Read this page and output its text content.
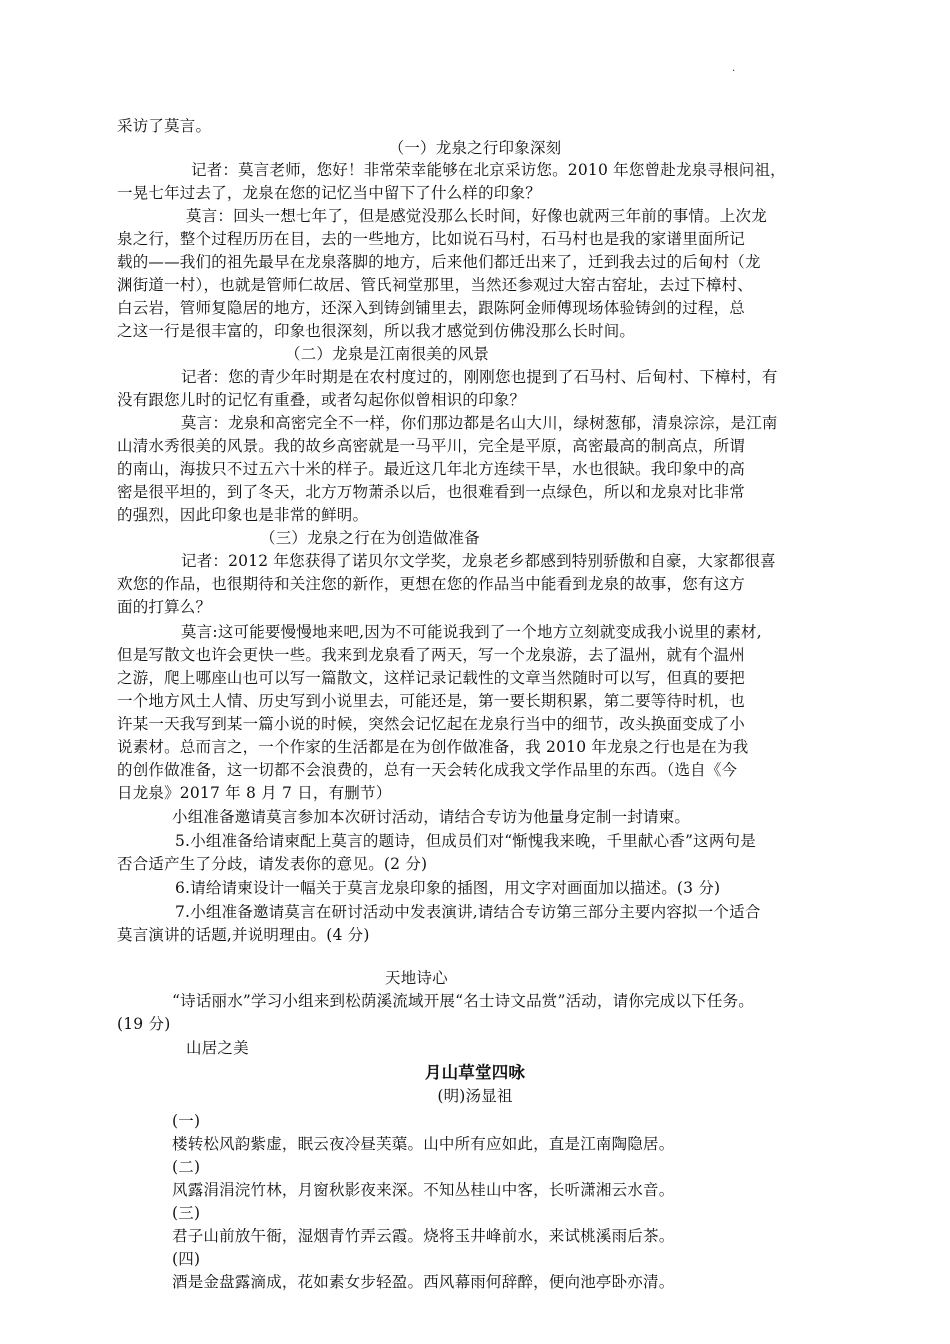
·
采访了莫言。
（一）龙泉之行印象深刻
记者：莫言老师，您好！非常荣幸能够在北京采访您。2010 年您曾赴龙泉寻根问祖，
一晃七年过去了，龙泉在您的记忆当中留下了什么样的印象？
莫言：回头一想七年了，但是感觉没那么长时间，好像也就两三年前的事情。上次龙
泉之行，整个过程历历在目，去的一些地方，比如说石马村，石马村也是我的家谱里面所记
载的——我们的祖先最早在龙泉落脚的地方，后来他们都迁出来了，迁到我去过的后甸村（龙
渊街道一村），也就是管师仁故居、管氏祠堂那里，当然还参观过大窑古窑址，去过下樟村、
白云岩，管师复隐居的地方，还深入到铸剑铺里去，跟陈阿金师傅现场体验铸剑的过程，总
之这一行是很丰富的，印象也很深刻，所以我才感觉到仿佛没那么长时间。
（二）龙泉是江南很美的风景
记者：您的青少年时期是在农村度过的，刚刚您也提到了石马村、后甸村、下樟村，有
没有跟您儿时的记忆有重叠，或者勾起你似曾相识的印象？
莫言：龙泉和高密完全不一样，你们那边都是名山大川，绿树葱郁，清泉淙淙，是江南
山清水秀很美的风景。我的故乡高密就是一马平川，完全是平原，高密最高的制高点，所谓
的南山，海拔只不过五六十米的样子。最近这几年北方连续干旱，水也很缺。我印象中的高
密是很平坦的，到了冬天，北方万物萧杀以后，也很难看到一点绿色，所以和龙泉对比非常
的强烈，因此印象也是非常的鲜明。
（三）龙泉之行在为创造做准备
记者：2012 年您获得了诺贝尔文学奖，龙泉老乡都感到特别骄傲和自豪，大家都很喜
欢您的作品，也很期待和关注您的新作，更想在您的作品当中能看到龙泉的故事，您有这方
面的打算么？
莫言:这可能要慢慢地来吧,因为不可能说我到了一个地方立刻就变成我小说里的素材,
但是写散文也许会更快一些。我来到龙泉看了两天，写一个龙泉游，去了温州，就有个温州
之游，爬上哪座山也可以写一篇散文，这样记录记载性的文章当然随时可以写，但真的要把
一个地方风土人情、历史写到小说里去，可能还是，第一要长期积累，第二要等待时机，也
许某一天我写到某一篇小说的时候，突然会记忆起在龙泉行当中的细节，改头换面变成了小
说素材。总而言之，一个作家的生活都是在为创作做准备，我 2010 年龙泉之行也是在为我
的创作做准备，这一切都不会浪费的，总有一天会转化成我文学作品里的东西。（选自《今
日龙泉》2017 年 8 月 7 日，有删节）
小组准备邀请莫言参加本次研讨活动，请结合专访为他量身定制一封请柬。
5.小组准备给请柬配上莫言的题诗，但成员们对“惭愧我来晚，千里献心香”这两句是
否合适产生了分歧，请发表你的意见。(2 分)
6.请给请柬设计一幅关于莫言龙泉印象的插图，用文字对画面加以描述。(3 分)
7.小组准备邀请莫言在研讨活动中发表演讲,请结合专访第三部分主要内容拟一个适合
莫言演讲的话题,并说明理由。(4 分)
天地诗心
“诗话丽水”学习小组来到松荫溪流域开展“名士诗文品赏”活动，请你完成以下任务。
(19 分)
山居之美
月山草堂四咏
(明)汤显祖
(一)
楼转松风韵紫虚，眠云夜冷昼芙蕖。山中所有应如此，直是江南陶隐居。
(二)
风露涓涓浣竹林，月窗秋影夜来深。不知丛桂山中客，长听潇湘云水音。
(三)
君子山前放午衙，湿烟青竹弄云霞。烧将玉井峰前水，来试桃溪雨后茶。
(四)
酒是金盘露滴成，花如素女步轻盈。西风幕雨何辞醉，便向池亭卧亦清。
